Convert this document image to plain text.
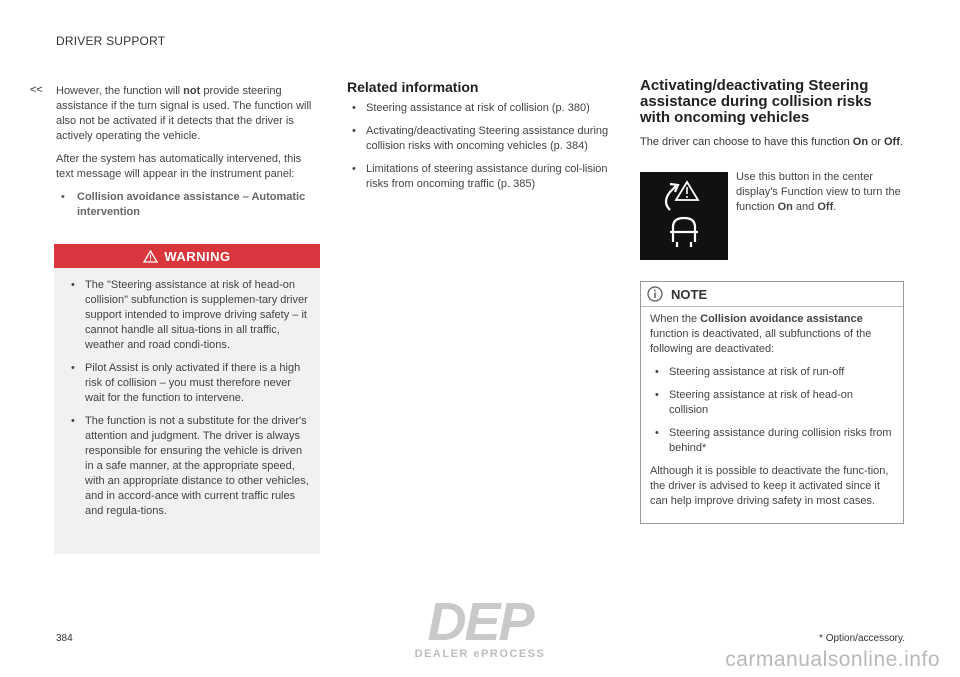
DRIVER SUPPORT
<< However, the function will not provide steering assistance if the turn signal is used. The function will also not be activated if it detects that the driver is actively operating the vehicle.

After the system has automatically intervened, this text message will appear in the instrument panel:

• Collision avoidance assistance – Automatic intervention
WARNING
• The "Steering assistance at risk of head-on collision" subfunction is supplemen-tary driver support intended to improve driving safety – it cannot handle all situa-tions in all traffic, weather and road condi-tions.
• Pilot Assist is only activated if there is a high risk of collision – you must therefore never wait for the function to intervene.
• The function is not a substitute for the driver's attention and judgment. The driver is always responsible for ensuring the vehicle is driven in a safe manner, at the appropriate speed, with an appropriate distance to other vehicles, and in accord-ance with current traffic rules and regula-tions.
Related information
• Steering assistance at risk of collision (p. 380)
• Activating/deactivating Steering assistance during collision risks with oncoming vehicles (p. 384)
• Limitations of steering assistance during col-lision risks from oncoming traffic (p. 385)
Activating/deactivating Steering assistance during collision risks with oncoming vehicles

The driver can choose to have this function On or Off.

Use this button in the center display's Function view to turn the function On and Off.
NOTE

When the Collision avoidance assistance function is deactivated, all subfunctions of the following are deactivated:

• Steering assistance at risk of run-off
• Steering assistance at risk of head-on collision
• Steering assistance during collision risks from behind*

Although it is possible to deactivate the func-tion, the driver is advised to keep it activated since it can help improve driving safety in most cases.

384	* Option/accessory.
DEP
DEALER ePROCESS	carmanualsonline.info
